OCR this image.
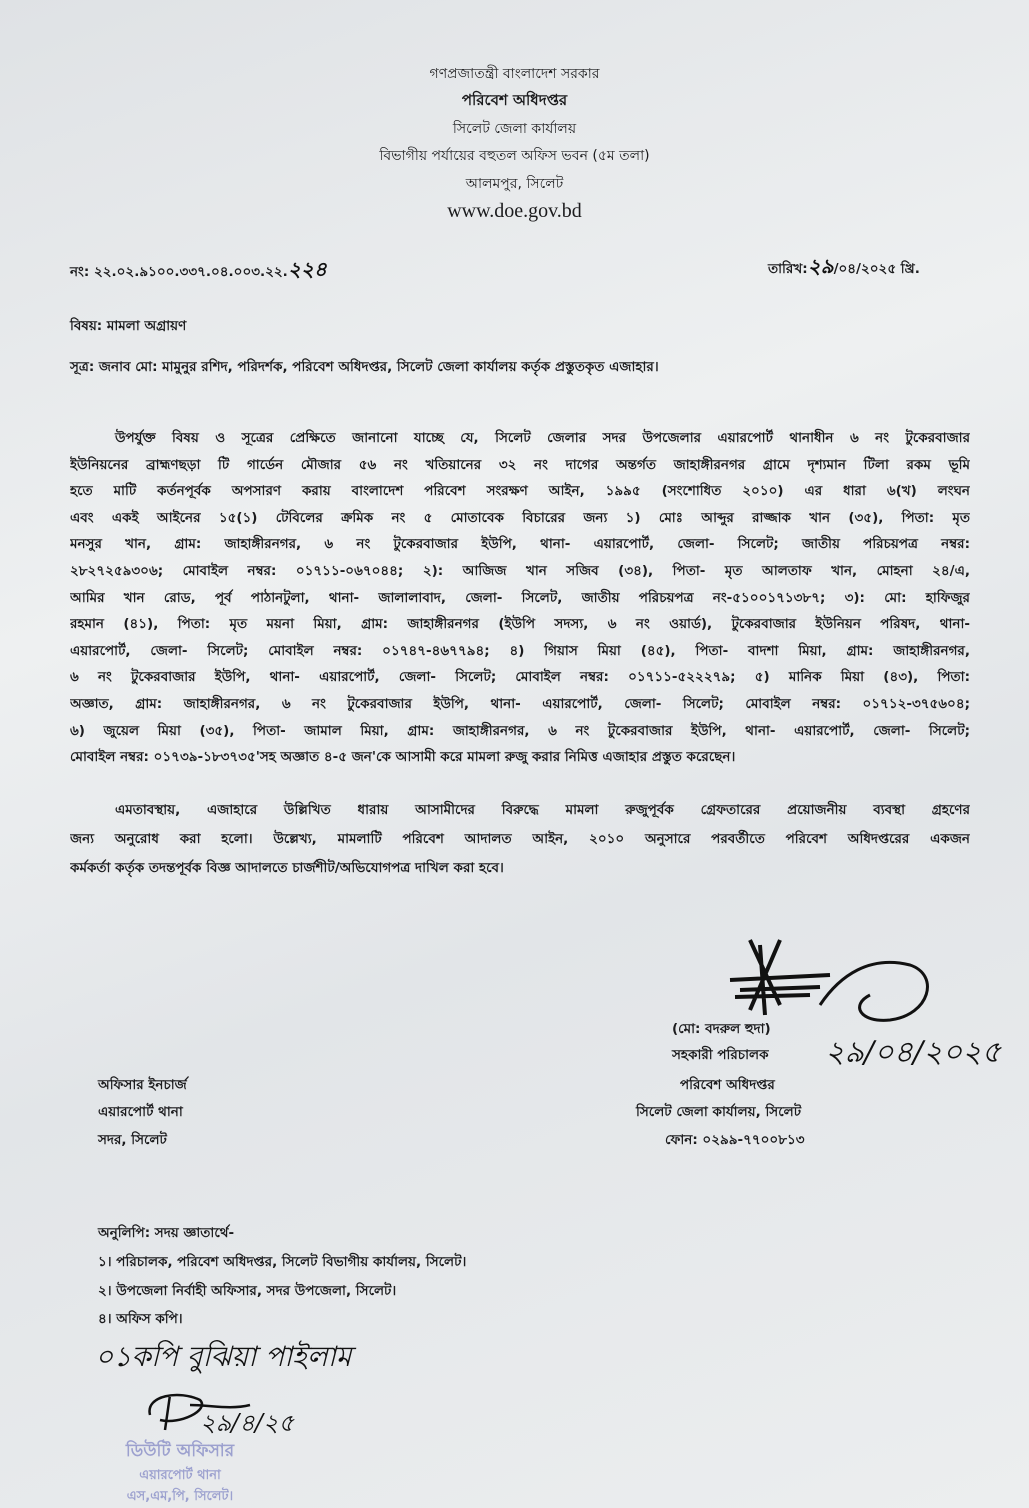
গণপ্রজাতন্ত্রী বাংলাদেশ সরকার
পরিবেশ অধিদপ্তর
সিলেট জেলা কার্যালয়
বিভাগীয় পর্যায়ের বহুতল অফিস ভবন (৫ম তলা)
আলমপুর, সিলেট
www.doe.gov.bd
নং: ২২.০২.৯১০০.৩৩৭.০৪.০০৩.২২.২২৪	তারিখ:২৯/০৪/২০২৫ খ্রি.
বিষয়: মামলা অগ্রায়ণ
সূত্র: জনাব মো: মামুনুর রশিদ, পরিদর্শক, পরিবেশ অধিদপ্তর, সিলেট জেলা কার্যালয় কর্তৃক প্রস্তুতকৃত এজাহার।
উপর্যুক্ত বিষয় ও সূত্রের প্রেক্ষিতে জানানো যাচ্ছে যে, সিলেট জেলার সদর উপজেলার এয়ারপোর্ট থানাধীন ৬ নং টুকেরবাজার
ইউনিয়নের ব্রাহ্মণছড়া টি গার্ডেন মৌজার ৫৬ নং খতিয়ানের ৩২ নং দাগের অন্তর্গত জাহাঙ্গীরনগর গ্রামে দৃশ্যমান টিলা রকম ভূমি
হতে মাটি কর্তনপূর্বক অপসারণ করায় বাংলাদেশ পরিবেশ সংরক্ষণ আইন, ১৯৯৫ (সংশোধিত ২০১০) এর ধারা ৬(খ) লংঘন
এবং একই আইনের ১৫(১) টেবিলের ক্রমিক নং ৫ মোতাবেক বিচারের জন্য ১) মোঃ আব্দুর রাজ্জাক খান (৩৫), পিতা: মৃত
মনসুর খান, গ্রাম: জাহাঙ্গীরনগর, ৬ নং টুকেরবাজার ইউপি, থানা- এয়ারপোর্ট, জেলা- সিলেট; জাতীয় পরিচয়পত্র নম্বর:
২৮২৭২৫৯৩০৬; মোবাইল নম্বর: ০১৭১১-০৬৭০৪৪; ২): আজিজ খান সজিব (৩৪), পিতা- মৃত আলতাফ খান, মোহনা ২৪/এ,
আমির খান রোড, পূর্ব পাঠানটুলা, থানা- জালালাবাদ, জেলা- সিলেট, জাতীয় পরিচয়পত্র নং-৫১০০১৭১৩৮৭; ৩): মো: হাফিজুর
রহমান (৪১), পিতা: মৃত ময়না মিয়া, গ্রাম: জাহাঙ্গীরনগর (ইউপি সদস্য, ৬ নং ওয়ার্ড), টুকেরবাজার ইউনিয়ন পরিষদ, থানা-
এয়ারপোর্ট, জেলা- সিলেট; মোবাইল নম্বর: ০১৭৪৭-৪৬৭৭৯৪; ৪) গিয়াস মিয়া (৪৫), পিতা- বাদশা মিয়া, গ্রাম: জাহাঙ্গীরনগর,
৬ নং টুকেরবাজার ইউপি, থানা- এয়ারপোর্ট, জেলা- সিলেট; মোবাইল নম্বর: ০১৭১১-৫২২২৭৯; ৫) মানিক মিয়া (৪৩), পিতা:
অজ্ঞাত, গ্রাম: জাহাঙ্গীরনগর, ৬ নং টুকেরবাজার ইউপি, থানা- এয়ারপোর্ট, জেলা- সিলেট; মোবাইল নম্বর: ০১৭১২-৩৭৫৬০৪;
৬) জুয়েল মিয়া (৩৫), পিতা- জামাল মিয়া, গ্রাম: জাহাঙ্গীরনগর, ৬ নং টুকেরবাজার ইউপি, থানা- এয়ারপোর্ট, জেলা- সিলেট;
মোবাইল নম্বর: ০১৭৩৯-১৮৩৭৩৫'সহ অজ্ঞাত ৪-৫ জন'কে আসামী করে মামলা রুজু করার নিমিত্ত এজাহার প্রস্তুত করেছেন।
এমতাবস্থায়, এজাহারে উল্লিখিত ধারায় আসামীদের বিরুদ্ধে মামলা রুজুপূর্বক গ্রেফতারের প্রয়োজনীয় ব্যবস্থা গ্রহণের
জন্য অনুরোধ করা হলো। উল্লেখ্য, মামলাটি পরিবেশ আদালত আইন, ২০১০ অনুসারে পরবর্তীতে পরিবেশ অধিদপ্তরের একজন
কর্মকর্তা কর্তৃক তদন্তপূর্বক বিজ্ঞ আদালতে চার্জশীট/অভিযোগপত্র দাখিল করা হবে।
২৯/০৪/২০২৫
(মো: বদরুল হুদা)
সহকারী পরিচালক
পরিবেশ অধিদপ্তর
সিলেট জেলা কার্যালয়, সিলেট
ফোন: ০২৯৯-৭৭০০৮১৩
অফিসার ইনচার্জ
এয়ারপোর্ট থানা
সদর, সিলেট
অনুলিপি: সদয় জ্ঞাতার্থে-
১। পরিচালক, পরিবেশ অধিদপ্তর, সিলেট বিভাগীয় কার্যালয়, সিলেট।
২। উপজেলা নির্বাহী অফিসার, সদর উপজেলা, সিলেট।
৪। অফিস কপি।
০১কপি বুঝিয়া পাইলাম
২৯/৪/২৫
ডিউটি অফিসার
এয়ারপোর্ট থানা
এস,এম,পি, সিলেট।
